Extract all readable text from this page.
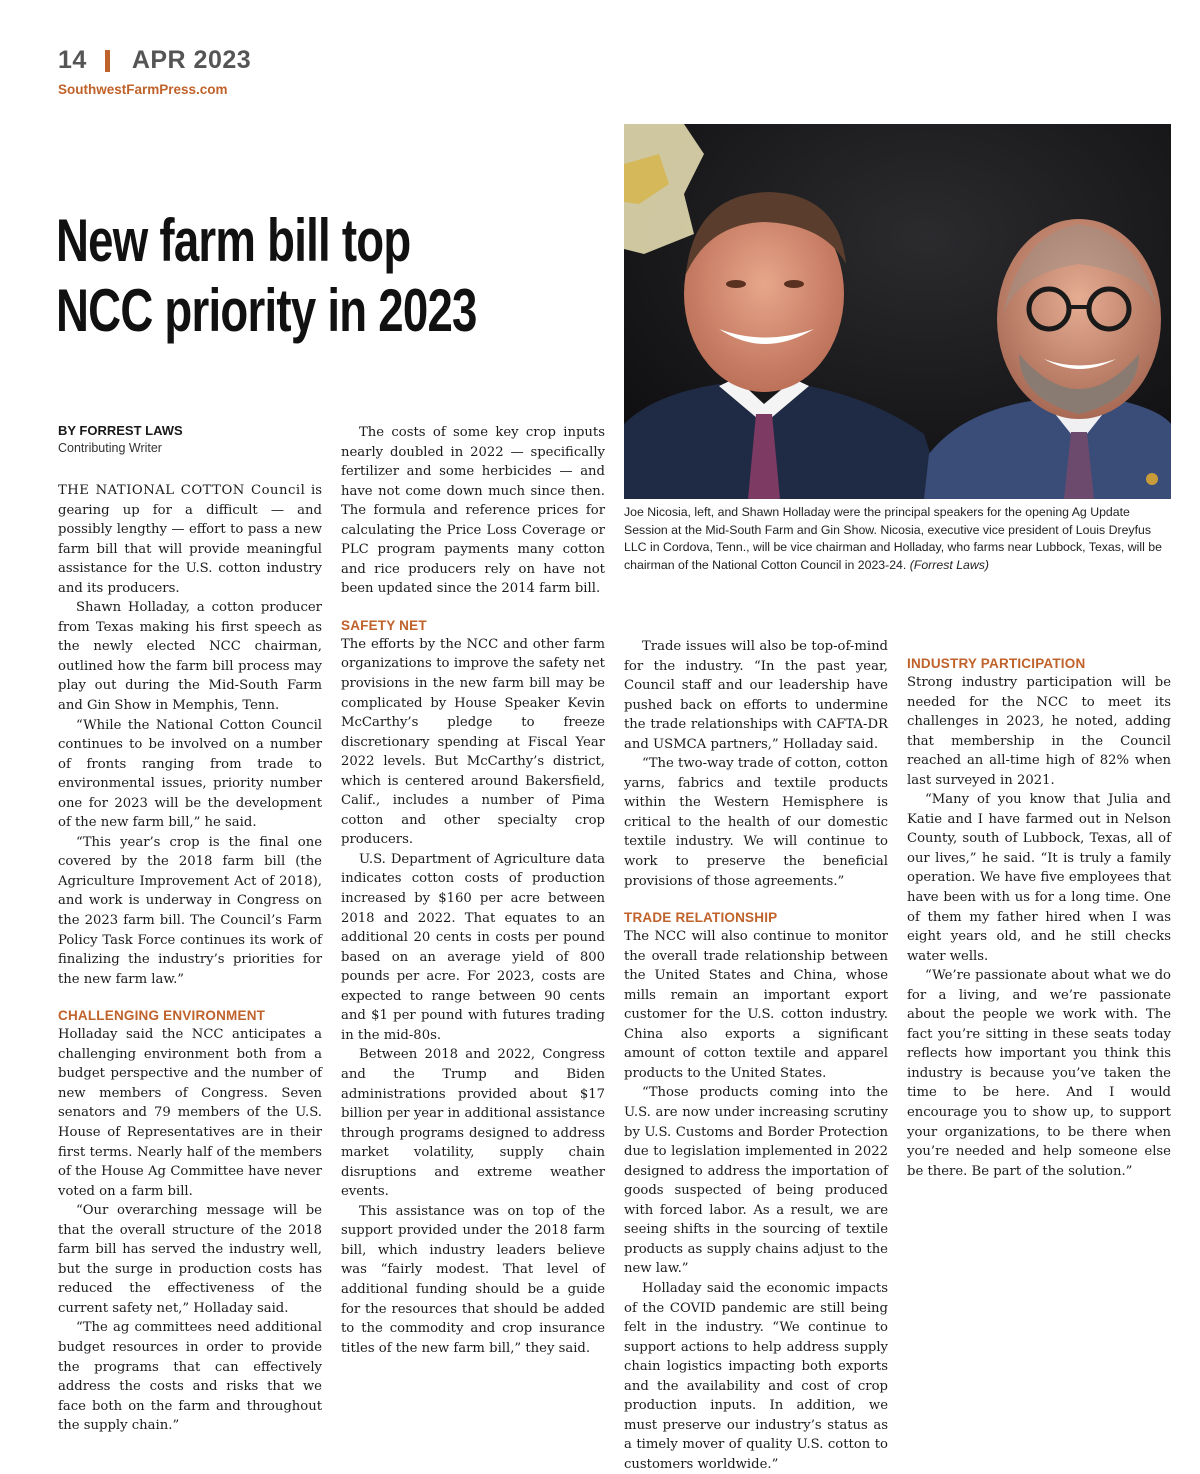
14 APR 2023
SouthwestFarmPress.com
New farm bill top
NCC priority in 2023
BY FORREST LAWS
Contributing Writer
Joe Nicosia, left, and Shawn Holladay were the principal speakers for the opening Ag Update Session at the Mid-South Farm and Gin Show. Nicosia, executive vice president of Louis Dreyfus LLC in Cordova, Tenn., will be vice chairman and Holladay, who farms near Lubbock, Texas, will be chairman of the National Cotton Council in 2023-24. (Forrest Laws)

THE NATIONAL COTTON Council is gearing up for a difficult — and possibly lengthy — effort to pass a new farm bill that will provide meaningful assistance for the U.S. cotton industry and its producers.

Shawn Holladay, a cotton producer from Texas making his first speech as the newly elected NCC chairman, outlined how the farm bill process may play out during the Mid-South Farm and Gin Show in Memphis, Tenn.

“While the National Cotton Council continues to be involved on a number of fronts ranging from trade to environmental issues, priority number one for 2023 will be the development of the new farm bill,” he said.

“This year’s crop is the final one covered by the 2018 farm bill (the Agriculture Improvement Act of 2018), and work is underway in Congress on the 2023 farm bill. The Council’s Farm Policy Task Force continues its work of finalizing the industry’s priorities for the new farm law.”

CHALLENGING ENVIRONMENT

Holladay said the NCC anticipates a challenging environment both from a budget perspective and the number of new members of Congress. Seven senators and 79 members of the U.S. House of Representatives are in their first terms. Nearly half of the members of the House Ag Committee have never voted on a farm bill.

“Our overarching message will be that the overall structure of the 2018 farm bill has served the industry well, but the surge in production costs has reduced the effectiveness of the current safety net,” Holladay said.

“The ag committees need additional budget resources in order to provide the programs that can effectively address the costs and risks that we face both on the farm and throughout the supply chain.”

The costs of some key crop inputs nearly doubled in 2022 — specifically fertilizer and some herbicides — and have not come down much since then. The formula and reference prices for calculating the Price Loss Coverage or PLC program payments many cotton and rice producers rely on have not been updated since the 2014 farm bill.

SAFETY NET

The efforts by the NCC and other farm organizations to improve the safety net provisions in the new farm bill may be complicated by House Speaker Kevin McCarthy’s pledge to freeze discretionary spending at Fiscal Year 2022 levels. But McCarthy’s district, which is centered around Bakersfield, Calif., includes a number of Pima cotton and other specialty crop producers.

U.S. Department of Agriculture data indicates cotton costs of production increased by $160 per acre between 2018 and 2022. That equates to an additional 20 cents in costs per pound based on an average yield of 800 pounds per acre. For 2023, costs are expected to range between 90 cents and $1 per pound with futures trading in the mid-80s.

Between 2018 and 2022, Congress and the Trump and Biden administrations provided about $17 billion per year in additional assistance through programs designed to address market volatility, supply chain disruptions and extreme weather events.

This assistance was on top of the support provided under the 2018 farm bill, which industry leaders believe was “fairly modest. That level of additional funding should be a guide for the resources that should be added to the commodity and crop insurance titles of the new farm bill,” they said.

Trade issues will also be top-of-mind for the industry. “In the past year, Council staff and our leadership have pushed back on efforts to undermine the trade relationships with CAFTA-DR and USMCA partners,” Holladay said.

“The two-way trade of cotton, cotton yarns, fabrics and textile products within the Western Hemisphere is critical to the health of our domestic textile industry. We will continue to work to preserve the beneficial provisions of those agreements.”

TRADE RELATIONSHIP

The NCC will also continue to monitor the overall trade relationship between the United States and China, whose mills remain an important export customer for the U.S. cotton industry. China also exports a significant amount of cotton textile and apparel products to the United States.

“Those products coming into the U.S. are now under increasing scrutiny by U.S. Customs and Border Protection due to legislation implemented in 2022 designed to address the importation of goods suspected of being produced with forced labor. As a result, we are seeing shifts in the sourcing of textile products as supply chains adjust to the new law.”

Holladay said the economic impacts of the COVID pandemic are still being felt in the industry. “We continue to support actions to help address supply chain logistics impacting both exports and the availability and cost of crop production inputs. In addition, we must preserve our industry’s status as a timely mover of quality U.S. cotton to customers worldwide.”

INDUSTRY PARTICIPATION

Strong industry participation will be needed for the NCC to meet its challenges in 2023, he noted, adding that membership in the Council reached an all-time high of 82% when last surveyed in 2021.

“Many of you know that Julia and Katie and I have farmed out in Nelson County, south of Lubbock, Texas, all of our lives,” he said. “It is truly a family operation. We have five employees that have been with us for a long time. One of them my father hired when I was eight years old, and he still checks water wells.

“We’re passionate about what we do for a living, and we’re passionate about the people we work with. The fact you’re sitting in these seats today reflects how important you think this industry is because you’ve taken the time to be here. And I would encourage you to show up, to support your organizations, to be there when you’re needed and help someone else be there. Be part of the solution.”
